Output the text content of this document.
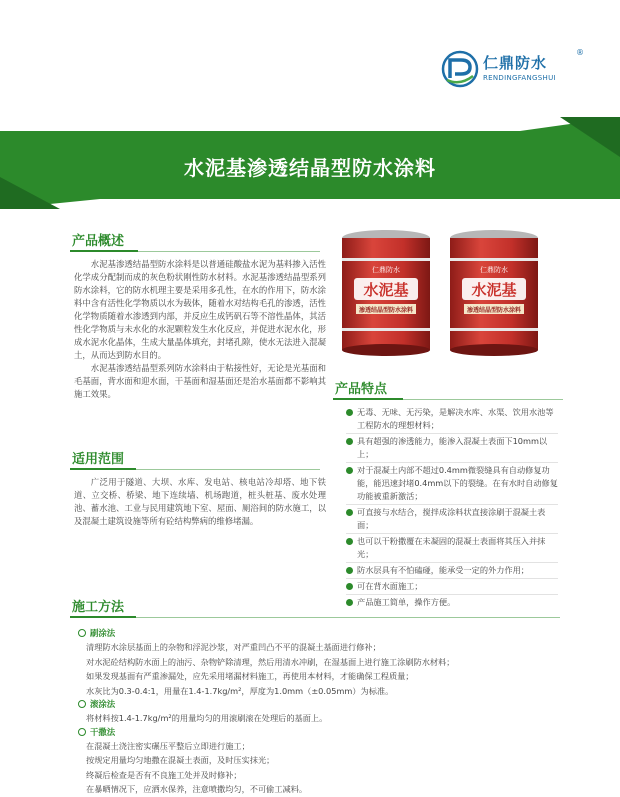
仁鼎防水
®
RENDINGFANGSHUI
水泥基渗透结晶型防水涂料
产品概述

水泥基渗透结晶型防水涂料是以普通硅酸盐水泥为基料掺入活性化学成分配制而成的灰色粉状刚性防水材料。水泥基渗透结晶型系列防水涂料，它的防水机理主要是采用多孔性，在水的作用下，防水涂料中含有活性化学物质以水为载体，随着水对结构毛孔的渗透，活性化学物质随着水渗透到内部，并反应生成钙矾石等不溶性晶体，其活性化学物质与未水化的水泥颗粒发生水化反应，并促进水泥水化，形成水泥水化晶体，生成大量晶体填充，封堵孔隙，使水无法进入混凝土，从而达到防水目的。

水泥基渗透结晶型系列防水涂料由于粘接性好，无论是光基面和毛基面，背水面和迎水面，干基面和湿基面还是治水基面都不影响其施工效果。

仁鼎防水
水泥基
渗透结晶型防水涂料
仁鼎防水
水泥基
渗透结晶型防水涂料
产品特点
无毒、无味、无污染，是解决水库、水渠、饮用水池等工程防水的理想材料；
具有超强的渗透能力，能渗入混凝土表面下10mm以上；
对于混凝土内部不超过0.4mm微裂缝具有自动修复功能，能迅速封堵0.4mm以下的裂缝。在有水时自动修复功能被重新激活；
可直接与水结合，搅拌成涂料状直接涂刷于混凝土表面；
也可以干粉撒覆在未凝固的混凝土表面将其压入并抹光；
防水层具有不怕磕碰，能承受一定的外力作用；
可在背水面施工；
产品施工简单，操作方便。
适用范围

广泛用于隧道、大坝、水库、发电站、核电站冷却塔、地下铁道、立交桥、桥梁、地下连续墙、机场跑道，桩头桩基、废水处理池、蓄水池、工业与民用建筑地下室、屋面、厕浴间的防水施工，以及混凝土建筑设施等所有砼结构弊病的维修堵漏。

施工方法
刷涂法
清理防水涂层基面上的杂物和浮泥沙浆，对严重凹凸不平的混凝土基面进行修补；
对水泥砼结构防水面上的油污、杂物铲除清理，然后用清水冲刷，在湿基面上进行施工涂刷防水材料；
如果发现基面有严重渗漏处，应先采用堵漏材料施工，再使用本材料，才能确保工程质量；
水灰比为0.3-0.4:1，用量在1.4-1.7kg/m²，厚度为1.0mm（±0.05mm）为标准。
滚涂法
将材料按1.4-1.7kg/m²的用量均匀的用滚刷滚在处理后的基面上。
干撒法
在混凝土浇注密实碾压平整后立即进行施工；
按规定用量均匀地撒在混凝土表面，及时压实抹光；
终凝后检查是否有不良施工处并及时修补；
在暴晒情况下，应洒水保养，注意喷撒均匀，不可偷工减料。
